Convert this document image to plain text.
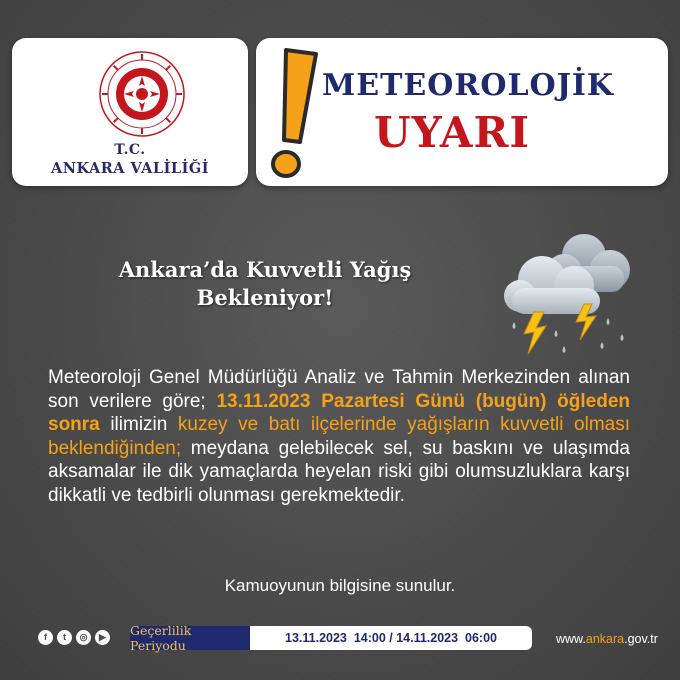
T.C.
ANKARA VALİLİĞİ
METEOROLOJİK
UYARI
Ankara’da Kuvvetli Yağış
Bekleniyor!
Meteoroloji Genel Müdürlüğü Analiz ve Tahmin Merkezinden alınan son verilere göre; 13.11.2023 Pazartesi Günü (bugün) öğleden sonra ilimizin kuzey ve batı ilçelerinde yağışların kuvvetli olması beklendiğinden; meydana gelebilecek sel, su baskını ve ulaşımda aksamalar ile dik yamaçlarda heyelan riski gibi olumsuzluklara karşı dikkatli ve tedbirli olunması gerekmektedir.
Kamuoyunun bilgisine sunulur.
f	t	◎	▶	Geçerlilik Periyodu	13.11.2023  14:00 / 14.11.2023  06:00	www.ankara.gov.tr
